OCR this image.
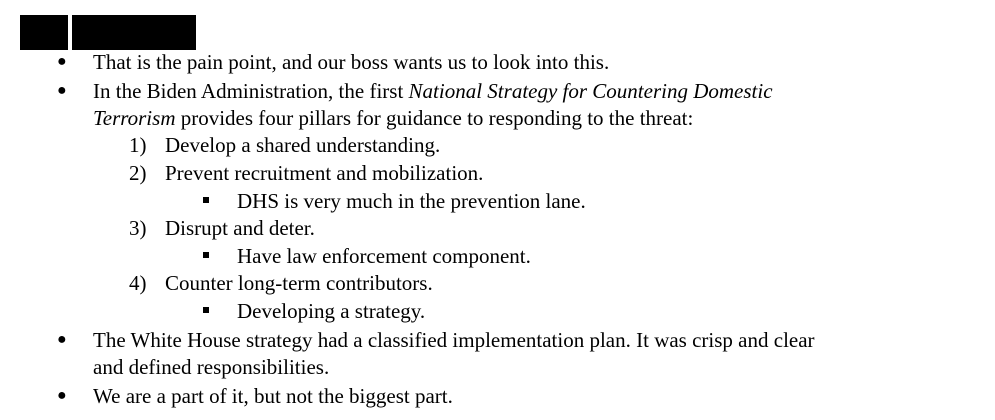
● That is the pain point, and our boss wants us to look into this.
● In the Biden Administration, the first National Strategy for Countering Domestic
Terrorism provides four pillars for guidance to responding to the threat:
1) Develop a shared understanding.
2) Prevent recruitment and mobilization.
DHS is very much in the prevention lane.
3) Disrupt and deter.
Have law enforcement component.
4) Counter long-term contributors.
Developing a strategy.
● The White House strategy had a classified implementation plan. It was crisp and clear
and defined responsibilities.
● We are a part of it, but not the biggest part.
